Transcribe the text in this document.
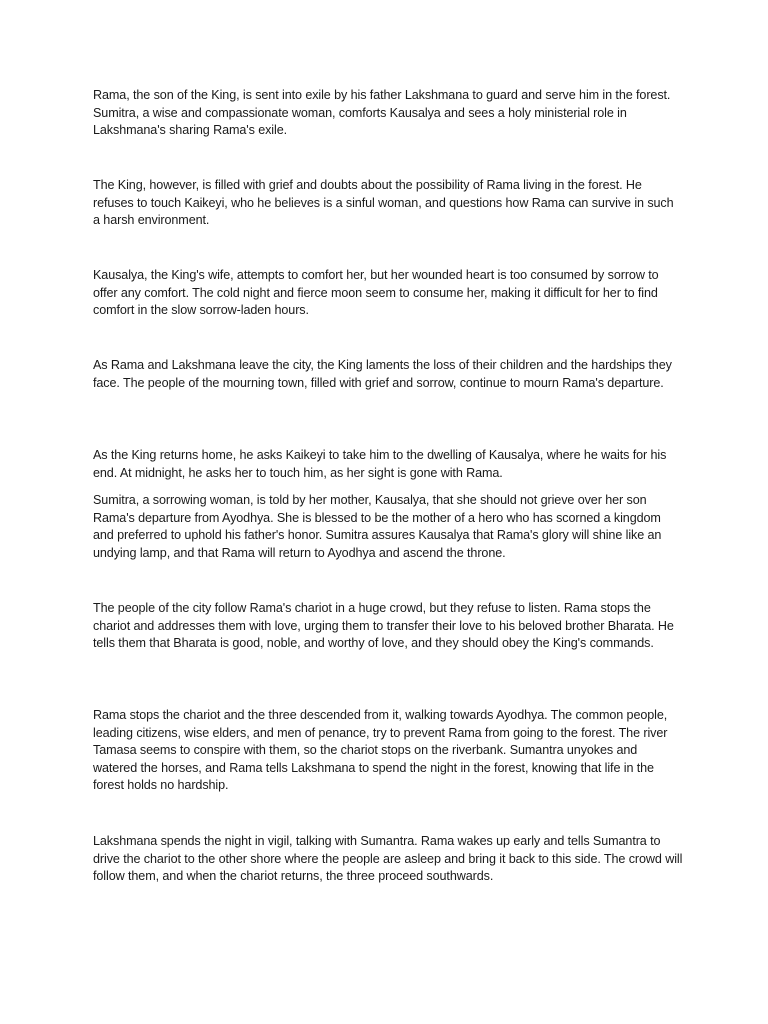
Rama, the son of the King, is sent into exile by his father Lakshmana to guard and serve him in the forest. Sumitra, a wise and compassionate woman, comforts Kausalya and sees a holy ministerial role in Lakshmana's sharing Rama's exile.

The King, however, is filled with grief and doubts about the possibility of Rama living in the forest. He refuses to touch Kaikeyi, who he believes is a sinful woman, and questions how Rama can survive in such a harsh environment.

Kausalya, the King's wife, attempts to comfort her, but her wounded heart is too consumed by sorrow to offer any comfort. The cold night and fierce moon seem to consume her, making it difficult for her to find comfort in the slow sorrow-laden hours.

As Rama and Lakshmana leave the city, the King laments the loss of their children and the hardships they face. The people of the mourning town, filled with grief and sorrow, continue to mourn Rama's departure.

As the King returns home, he asks Kaikeyi to take him to the dwelling of Kausalya, where he waits for his end. At midnight, he asks her to touch him, as her sight is gone with Rama.

Sumitra, a sorrowing woman, is told by her mother, Kausalya, that she should not grieve over her son Rama's departure from Ayodhya. She is blessed to be the mother of a hero who has scorned a kingdom and preferred to uphold his father's honor. Sumitra assures Kausalya that Rama's glory will shine like an undying lamp, and that Rama will return to Ayodhya and ascend the throne.

The people of the city follow Rama's chariot in a huge crowd, but they refuse to listen. Rama stops the chariot and addresses them with love, urging them to transfer their love to his beloved brother Bharata. He tells them that Bharata is good, noble, and worthy of love, and they should obey the King's commands.

Rama stops the chariot and the three descended from it, walking towards Ayodhya. The common people, leading citizens, wise elders, and men of penance, try to prevent Rama from going to the forest. The river Tamasa seems to conspire with them, so the chariot stops on the riverbank. Sumantra unyokes and watered the horses, and Rama tells Lakshmana to spend the night in the forest, knowing that life in the forest holds no hardship.

Lakshmana spends the night in vigil, talking with Sumantra. Rama wakes up early and tells Sumantra to drive the chariot to the other shore where the people are asleep and bring it back to this side. The crowd will follow them, and when the chariot returns, the three proceed southwards.
